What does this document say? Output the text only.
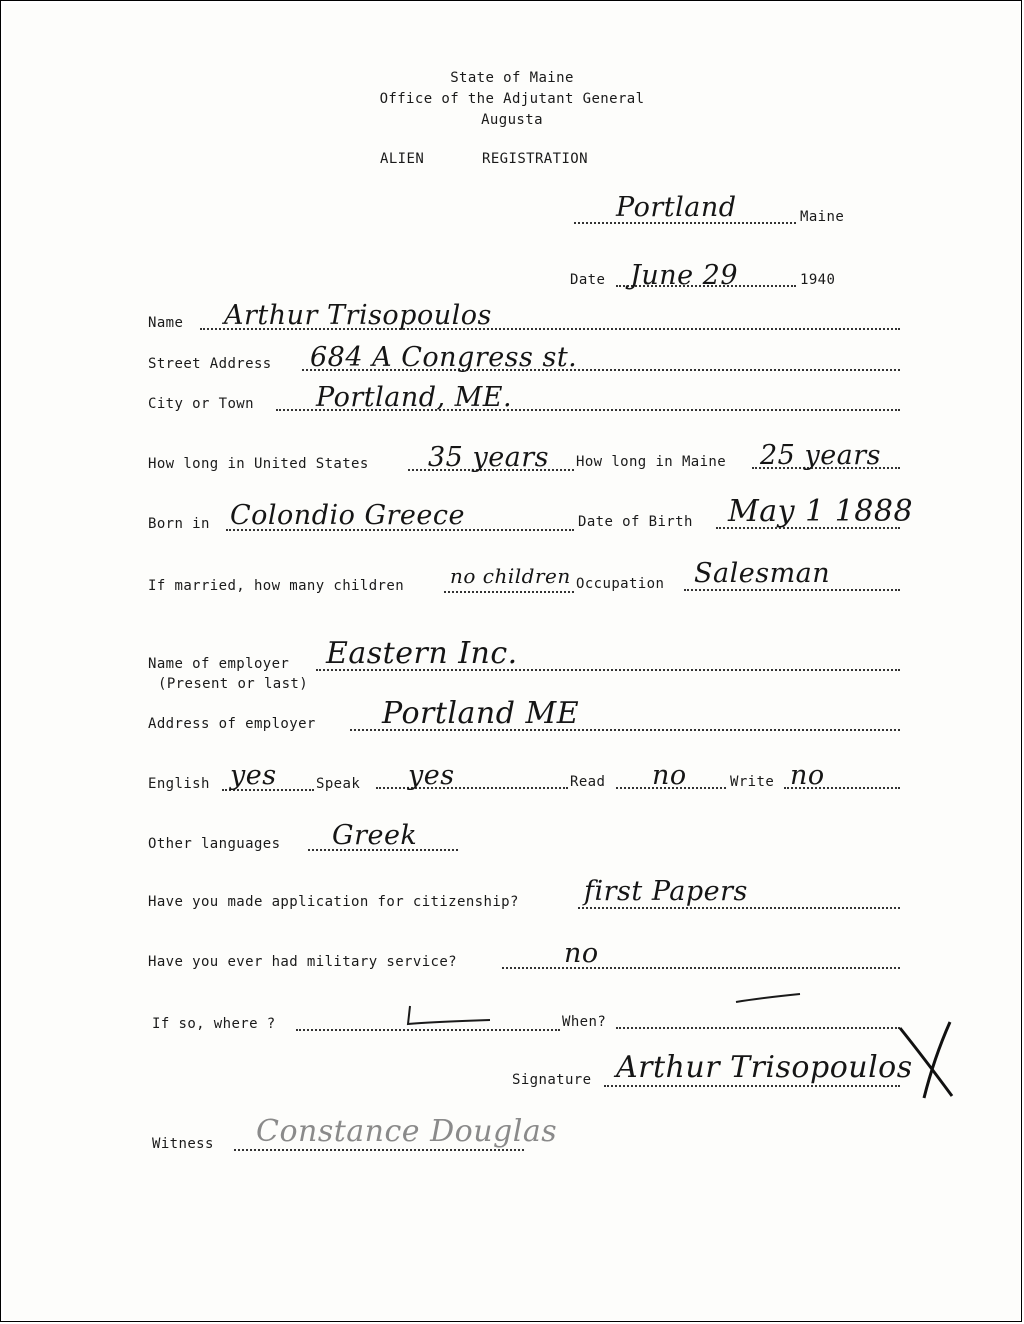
State of Maine
Office of the Adjutant General
Augusta
ALIEN	REGISTRATION
Portland	Maine
Date June 29	1940
Name Arthur Trisopoulos
Street Address 684 A Congress st.
City or Town Portland, ME.
How long in United States 35 years How long in Maine 25 years
Born in Colondio Greece	Date of Birth May 1 1888
If married, how many children no children Occupation Salesman
Name of employer
(Present or last)
Eastern Inc.
Address of employer Portland ME
English yes	Speak yes	Read no	Write no
Other languages Greek
Have you made application for citizenship? first Papers
Have you ever had military service?	no
If so, where ?	When?
Signature Arthur Trisopoulos
Witness Constance Douglas
